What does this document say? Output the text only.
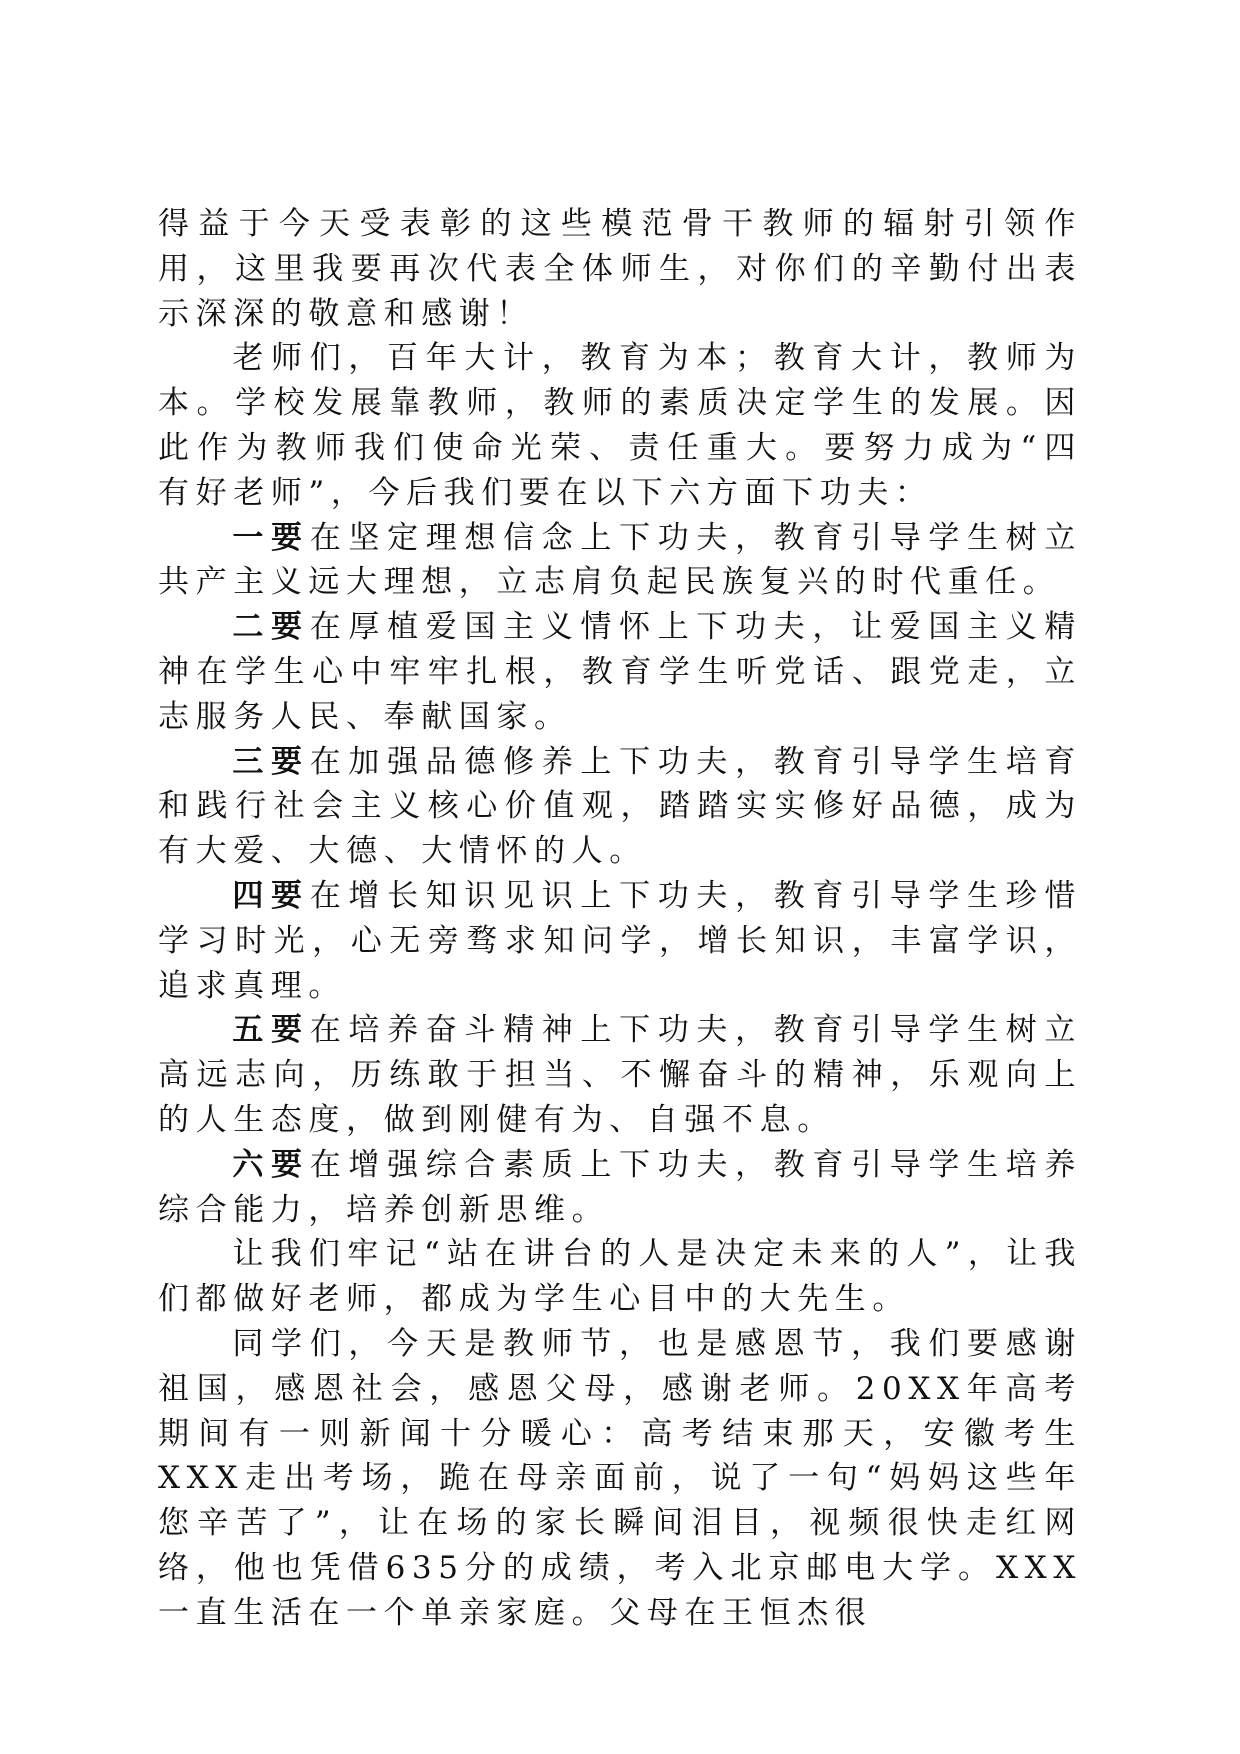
得益于今天受表彰的这些模范骨干教师的辐射引领作用，这里我要再次代表全体师生，对你们的辛勤付出表示深深的敬意和感谢！

老师们，百年大计，教育为本；教育大计，教师为本。学校发展靠教师，教师的素质决定学生的发展。因此作为教师我们使命光荣、责任重大。要努力成为“四有好老师”，今后我们要在以下六方面下功夫：

一要在坚定理想信念上下功夫，教育引导学生树立共产主义远大理想，立志肩负起民族复兴的时代重任。

二要在厚植爱国主义情怀上下功夫，让爱国主义精神在学生心中牢牢扎根，教育学生听党话、跟党走，立志服务人民、奉献国家。

三要在加强品德修养上下功夫，教育引导学生培育和践行社会主义核心价值观，踏踏实实修好品德，成为有大爱、大德、大情怀的人。

四要在增长知识见识上下功夫，教育引导学生珍惜学习时光，心无旁骛求知问学，增长知识，丰富学识，追求真理。

五要在培养奋斗精神上下功夫，教育引导学生树立高远志向，历练敢于担当、不懈奋斗的精神，乐观向上的人生态度，做到刚健有为、自强不息。

六要在增强综合素质上下功夫，教育引导学生培养综合能力，培养创新思维。

让我们牢记“站在讲台的人是决定未来的人”，让我们都做好老师，都成为学生心目中的大先生。

同学们，今天是教师节，也是感恩节，我们要感谢祖国，感恩社会，感恩父母，感谢老师。20XX年高考期间有一则新闻十分暖心：高考结束那天，安徽考生XXX走出考场，跪在母亲面前，说了一句“妈妈这些年您辛苦了”，让在场的家长瞬间泪目，视频很快走红网络，他也凭借635分的成绩，考入北京邮电大学。XXX一直生活在一个单亲家庭。父母在王恒杰很
